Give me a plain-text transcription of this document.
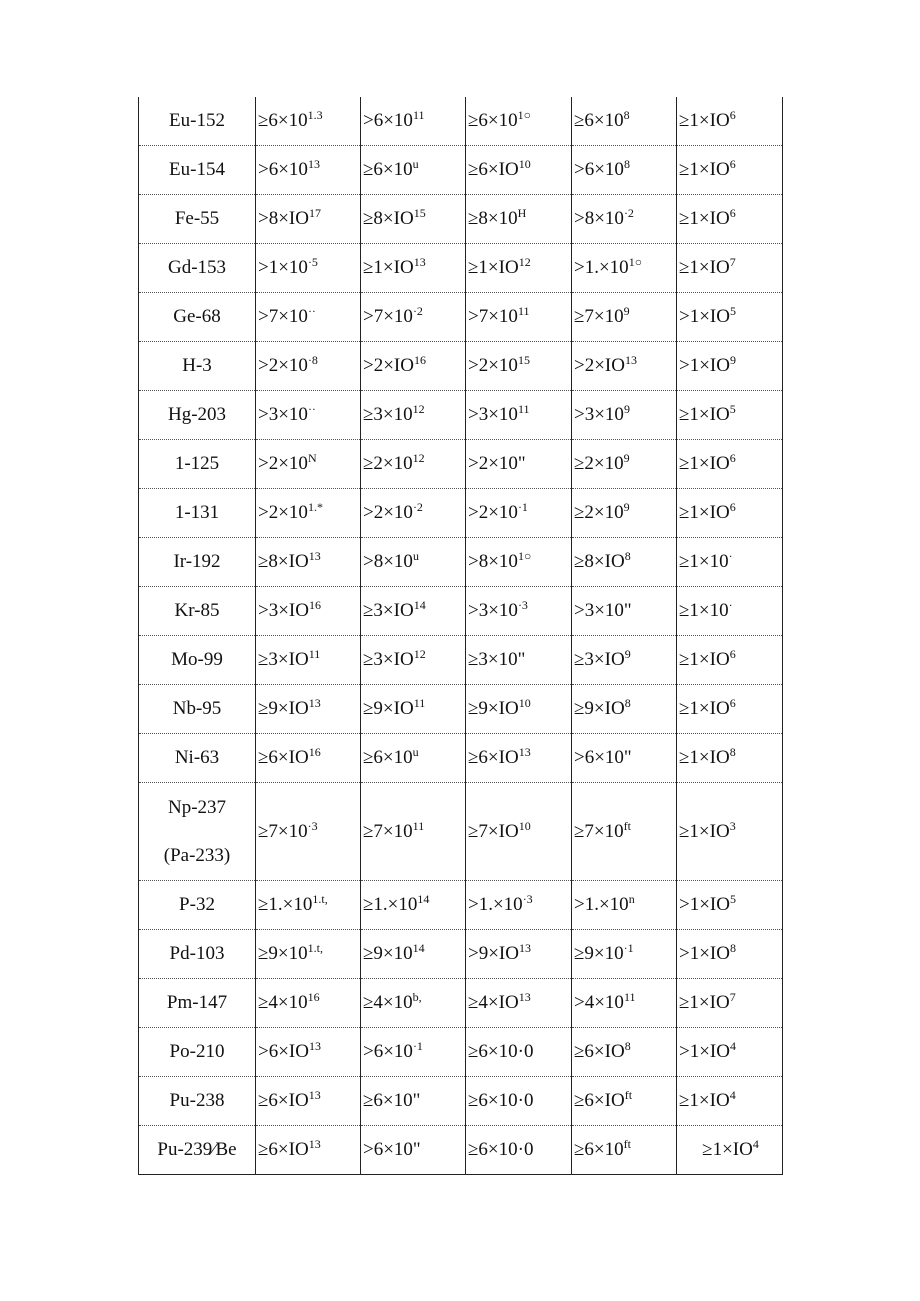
Eu-152	$\ge 6\times 10^{1.3}$	$>6\times 10^{11}$	$\ge 6\times 10^{1○}$	$\ge 6\times 10^8$	$\ge 1\times IO^6$
Eu-154	$>6\times 10^{13}$	$\ge 6\times 10^u$	$\ge 6\times IO^{10}$	$>6\times 10^8$	$\ge 1\times IO^6$
Fe-55	$>8\times IO^{17}$	$\ge 8\times IO^{15}$	$\ge 8\times 10^H$	$>8\times 10^{\cdot 2}$	$\ge 1\times IO^6$
Gd-153	$>1\times 10^{\cdot 5}$	$\ge 1\times IO^{13}$	$\ge 1\times IO^{12}$	$>1.\times 10^{1○}$	$\ge 1\times IO^7$
Ge-68	>7×10··	$>7\times 10^{\cdot 2}$	$>7\times 10^{11}$	$\ge 7\times 10^9$	$>1\times IO^5$
H-3	$>2\times 10^{\cdot 8}$	$>2\times IO^{16}$	$>2\times 10^{15}$	$>2\times IO^{13}$	$>1\times IO^9$
Hg-203	>3×10··	$\ge 3\times 10^{12}$	$>3\times 10^{11}$	$>3\times 10^9$	$\ge 1\times IO^5$
1-125	$>2\times 10^N$	$\ge 2\times 10^{12}$	>2×10"	$\ge 2\times 10^9$	$\ge 1\times IO^6$
1-131	$>2\times 10^{1.*}$	$>2\times 10^{\cdot 2}$	$>2\times 10^{\cdot 1}$	$\ge 2\times 10^9$	$\ge 1\times IO^6$
Ir-192	$\ge 8\times IO^{13}$	$>8\times 10^u$	$>8\times 10^{1○}$	$\ge 8\times IO^8$	≥1×10·
Kr-85	$>3\times IO^{16}$	$\ge 3\times IO^{14}$	$>3\times 10^{\cdot 3}$	>3×10"	≥1×10·
Mo-99	$\ge 3\times IO^{11}$	$\ge 3\times IO^{12}$	≥3×10"	$\ge 3\times IO^9$	$\ge 1\times IO^6$
Nb-95	$\ge 9\times IO^{13}$	$\ge 9\times IO^{11}$	$\ge 9\times IO^{10}$	$\ge 9\times IO^8$	$\ge 1\times IO^6$
Ni-63	$\ge 6\times IO^{16}$	$\ge 6\times 10^u$	$\ge 6\times IO^{13}$	>6×10"	$\ge 1\times IO^8$

Np-237
(Pa-233)	$\ge 7\times 10^{\cdot 3}$	$\ge 7\times 10^{11}$	$\ge 7\times IO^{10}$	$\ge 7\times 10^{ft}$	$\ge 1\times IO^3$
P-32	$\ge 1.\times 10^{1.t,}$	$\ge 1.\times 10^{14}$	$>1.\times 10^{\cdot 3}$	$>1.\times 10^n$	$>1\times IO^5$
Pd-103	$\ge 9\times 10^{1.t,}$	$\ge 9\times 10^{14}$	$>9\times IO^{13}$	$\ge 9\times 10^{\cdot 1}$	$>1\times IO^8$
Pm-147	$\ge 4\times 10^{16}$	$\ge 4\times 10^{b,}$	$\ge 4\times IO^{13}$	$>4\times 10^{11}$	$\ge 1\times IO^7$
Po-210	$>6\times IO^{13}$	$>6\times 10^{\cdot 1}$	≥6×10·0	$\ge 6\times IO^8$	$>1\times IO^4$
Pu-238	$\ge 6\times IO^{13}$	≥6×10"	≥6×10·0	$\ge 6\times IO^{ft}$	$\ge 1\times IO^4$
Pu-239∕Be	$\ge 6\times IO^{13}$	>6×10"	≥6×10·0	$\ge 6\times 10^{ft}$	$\ge 1\times IO^4$
